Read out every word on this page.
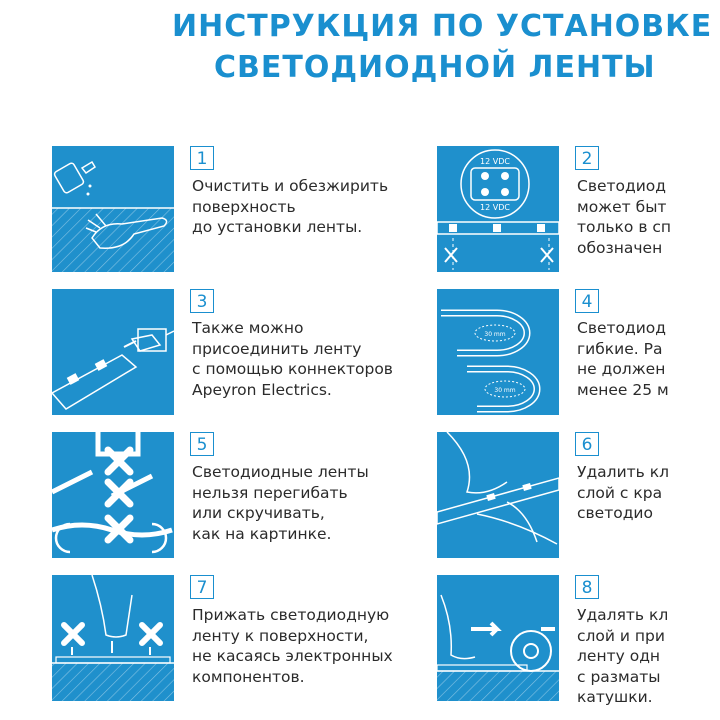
ИНСТРУКЦИЯ ПО УСТАНОВКЕ
СВЕТОДИОДНОЙ ЛЕНТЫ
1
Очистить и обезжирить
поверхность
до установки ленты.
12 VDC
12 VDC
2
Светодиод
может быт
только в сп
обозначен
3
Также можно
присоединить ленту
с помощью коннекторов
Apeyron Electrics.
30 mm
30 mm
4
Светодиод
гибкие. Ра
не должен
менее 25 м
5
Светодиодные ленты
нельзя перегибать
или скручивать,
как на картинке.
6
Удалить кл
слой с кра
светодио
7
Прижать светодиодную
ленту к поверхности,
не касаясь электронных
компонентов.
8
Удалять кл
слой и при
ленту одн
с разматы
катушки.
